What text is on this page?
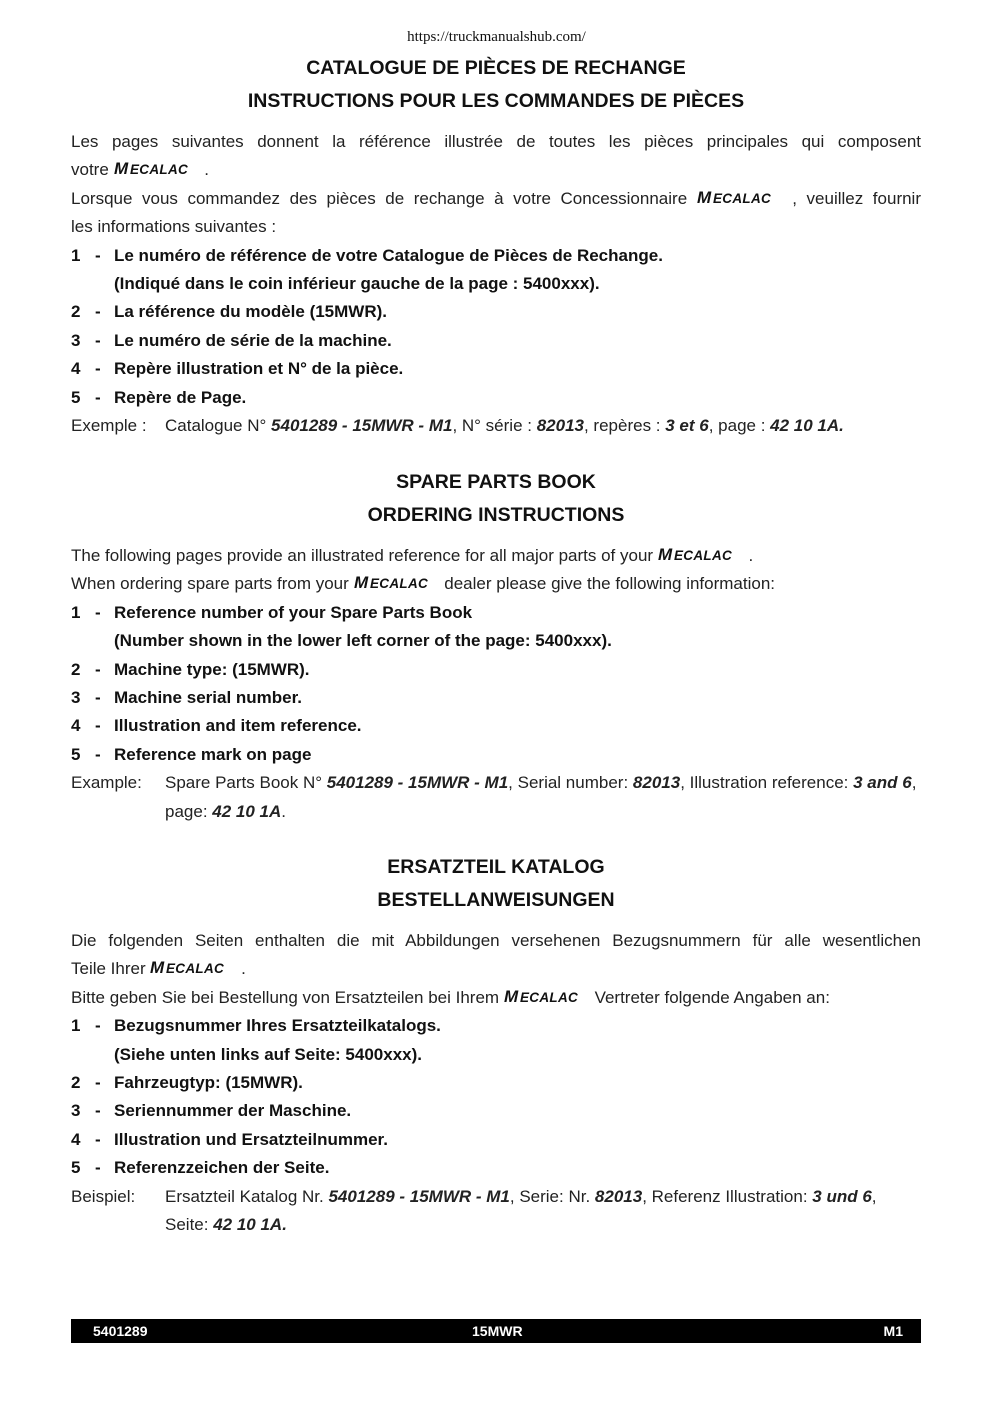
https://truckmanualshub.com/
CATALOGUE DE PIÈCES DE RECHANGE
INSTRUCTIONS POUR LES COMMANDES DE PIÈCES
Les pages suivantes donnent la référence illustrée de toutes les pièces principales qui composent
votre M ECALAC .
Lorsque vous commandez des pièces de rechange à votre Concessionnaire M ECALAC , veuillez fournir
les informations suivantes :
1 - Le numéro de référence de votre Catalogue de Pièces de Rechange.
(Indiqué dans le coin inférieur gauche de la page : 5400xxx).
2 - La référence du modèle (15MWR).
3 - Le numéro de série de la machine.
4 - Repère illustration et N° de la pièce.
5 - Repère de Page.
Exemple :	Catalogue N° 5401289 - 15MWR - M1, N° série : 82013, repères : 3 et 6, page : 42 10 1A.
SPARE PARTS BOOK
ORDERING INSTRUCTIONS
The following pages provide an illustrated reference for all major parts of your M ECALAC .
When ordering spare parts from your M ECALAC dealer please give the following information:
1 - Reference number of your Spare Parts Book
(Number shown in the lower left corner of the page: 5400xxx).
2 - Machine type: (15MWR).
3 - Machine serial number.
4 - Illustration and item reference.
5 - Reference mark on page
Example:	Spare Parts Book N° 5401289 - 15MWR - M1, Serial number: 82013, Illustration reference: 3 and 6, page: 42 10 1A.
ERSATZTEIL KATALOG
BESTELLANWEISUNGEN
Die folgenden Seiten enthalten die mit Abbildungen versehenen Bezugsnummern für alle wesentlichen
Teile Ihrer M ECALAC .
Bitte geben Sie bei Bestellung von Ersatzteilen bei Ihrem M ECALAC Vertreter folgende Angaben an:
1 - Bezugsnummer Ihres Ersatzteilkatalogs.
(Siehe unten links auf Seite: 5400xxx).
2 - Fahrzeugtyp: (15MWR).
3 - Seriennummer der Maschine.
4 - Illustration und Ersatzteilnummer.
5 - Referenzzeichen der Seite.
Beispiel:	Ersatzteil Katalog Nr. 5401289 - 15MWR - M1, Serie: Nr. 82013, Referenz Illustration: 3 und 6, Seite: 42 10 1A.
5401289	15MWR	M1
